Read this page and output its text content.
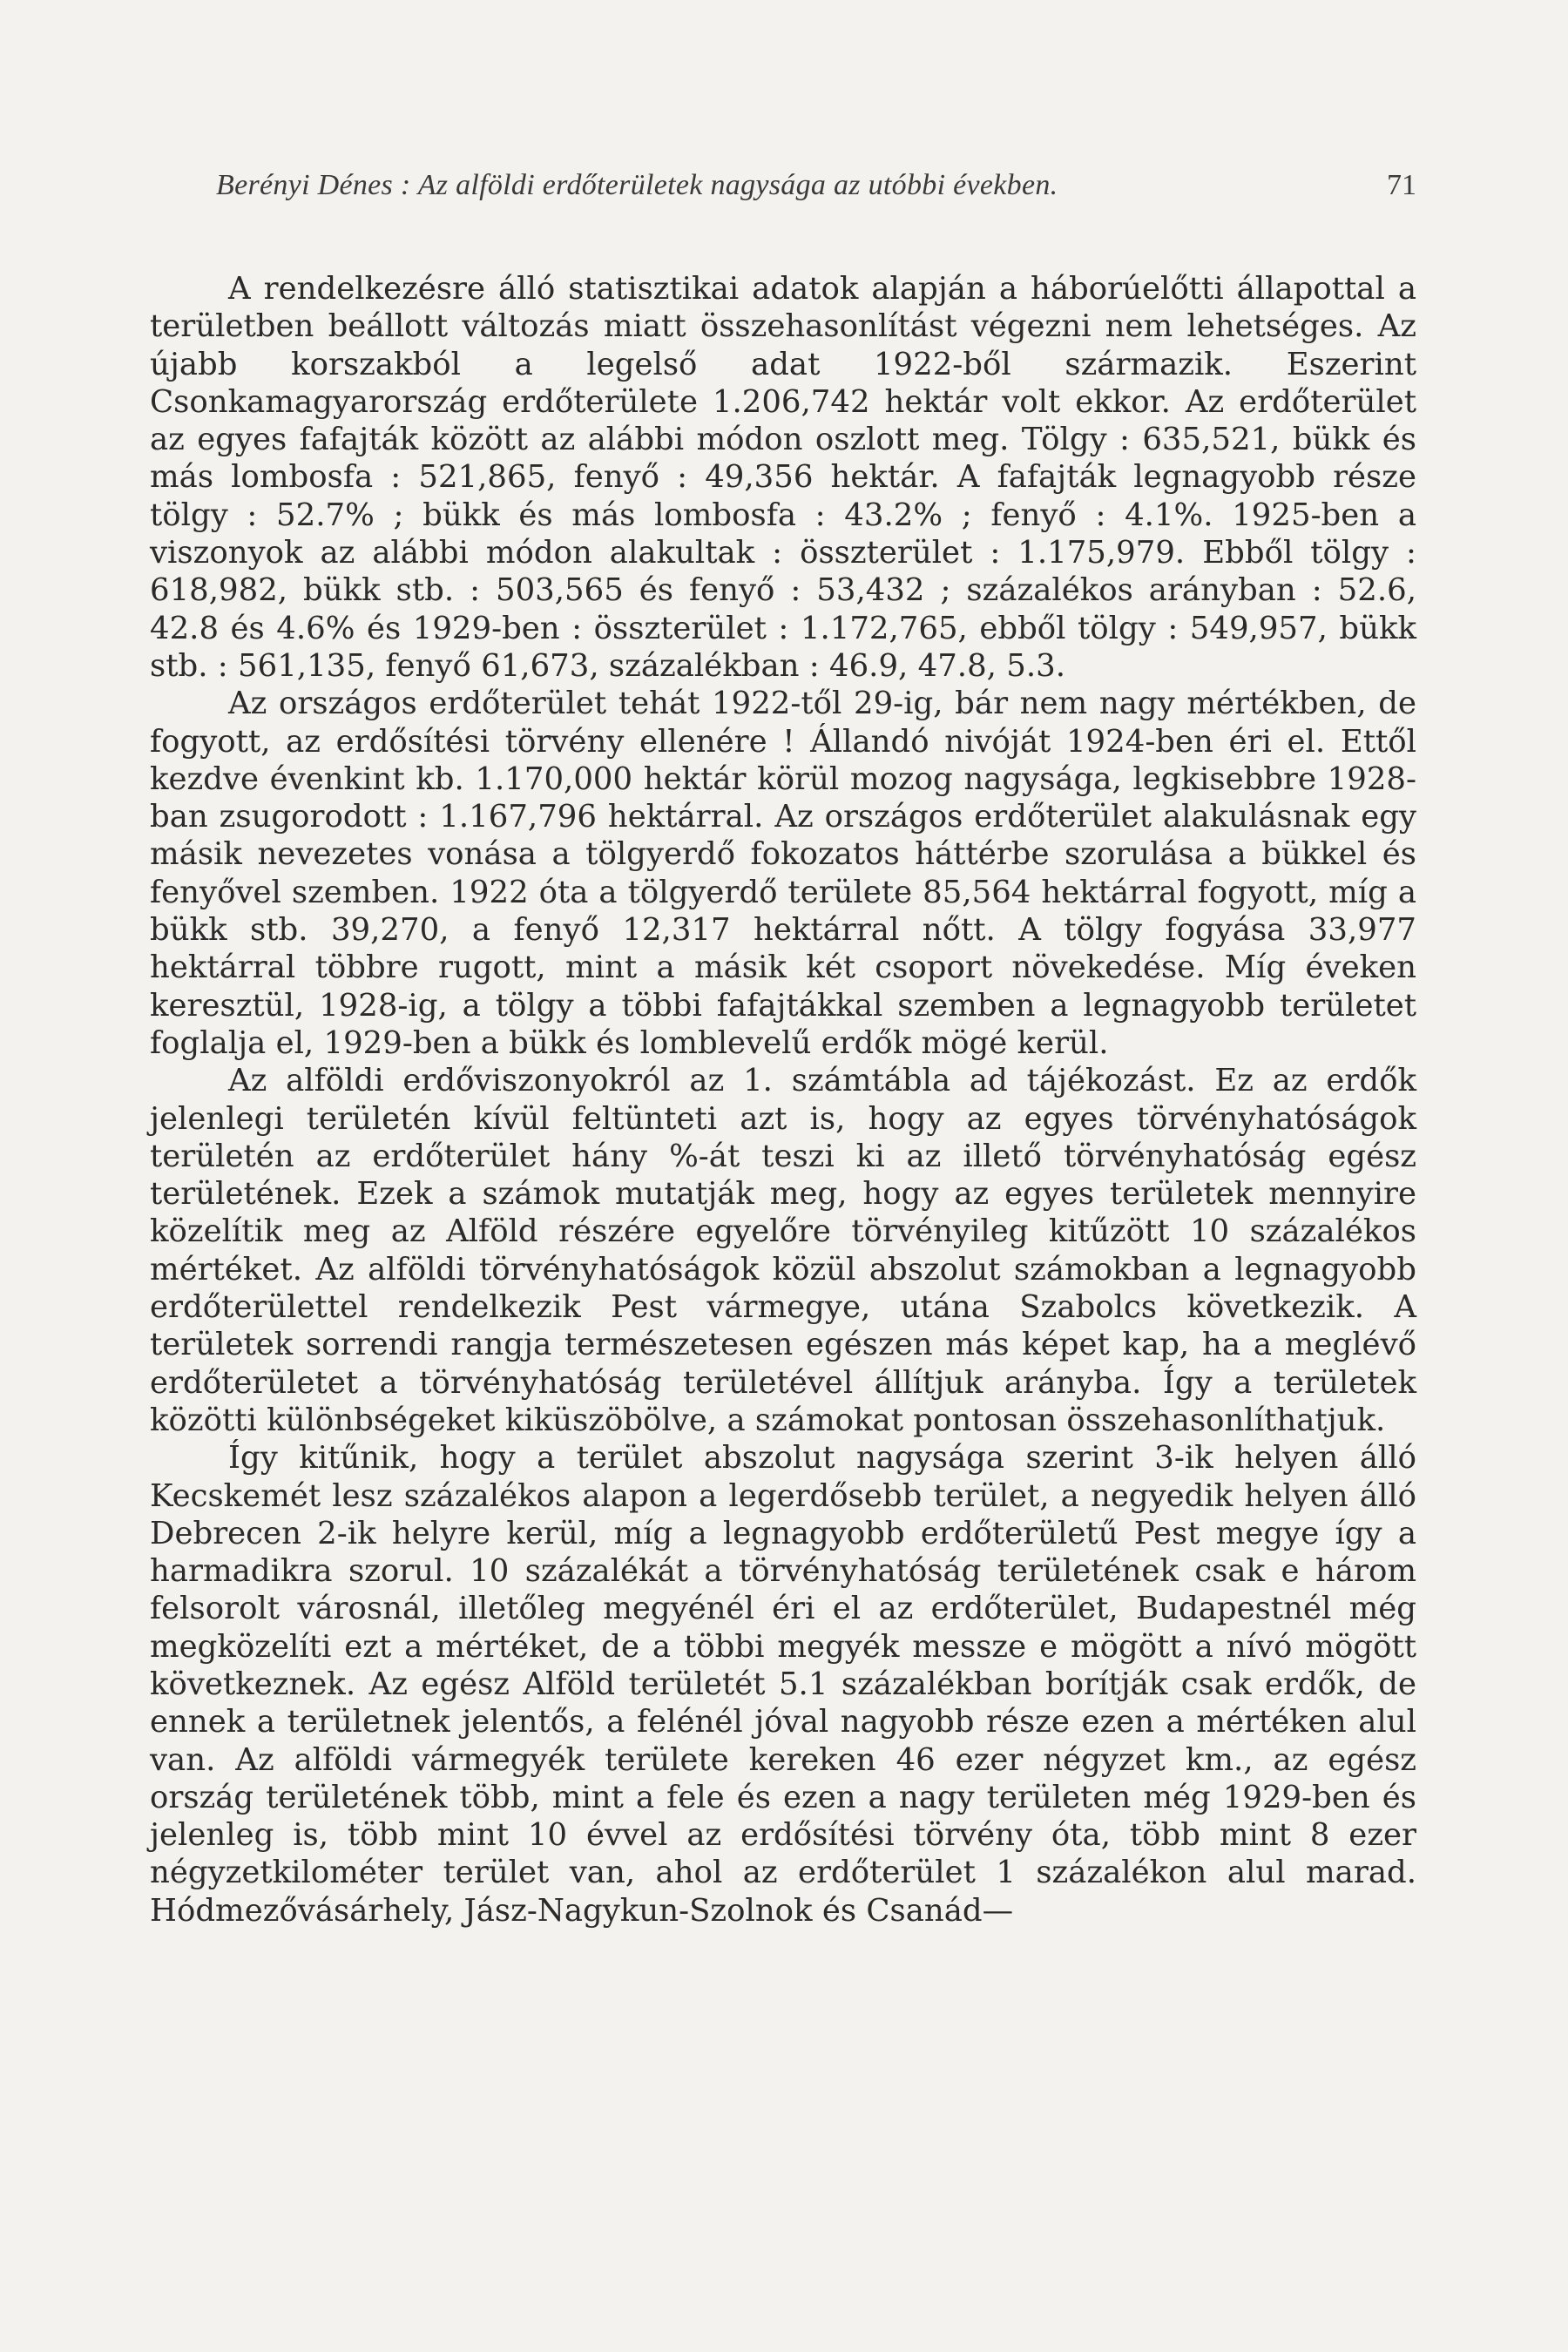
Berényi Dénes : Az alföldi erdőterületek nagysága az utóbbi években.	71

A rendelkezésre álló statisztikai adatok alapján a háborúelőtti állapottal a területben beállott változás miatt összehasonlítást végezni nem lehetséges. Az újabb korszakból a legelső adat 1922-ből származik. Eszerint Csonkamagyarország erdőterülete 1.206,742 hektár volt ekkor. Az erdőterület az egyes fafajták között az alábbi módon oszlott meg. Tölgy : 635,521, bükk és más lombosfa : 521,865, fenyő : 49,356 hektár. A fafajták legnagyobb része tölgy : 52.7% ; bükk és más lombosfa : 43.2% ; fenyő : 4.1%. 1925-ben a viszonyok az alábbi módon alakultak : összterület : 1.175,979. Ebből tölgy : 618,982, bükk stb. : 503,565 és fenyő : 53,432 ; százalékos arányban : 52.6, 42.8 és 4.6% és 1929-ben : összterület : 1.172,765, ebből tölgy : 549,957, bükk stb. : 561,135, fenyő 61,673, százalékban : 46.9, 47.8, 5.3.

Az országos erdőterület tehát 1922-től 29-ig, bár nem nagy mértékben, de fogyott, az erdősítési törvény ellenére ! Állandó nivóját 1924-ben éri el. Ettől kezdve évenkint kb. 1.170,000 hektár körül mozog nagysága, legkisebbre 1928-ban zsugorodott : 1.167,796 hektárral. Az országos erdőterület alakulásnak egy másik nevezetes vonása a tölgyerdő fokozatos háttérbe szorulása a bükkel és fenyővel szemben. 1922 óta a tölgyerdő területe 85,564 hektárral fogyott, míg a bükk stb. 39,270, a fenyő 12,317 hektárral nőtt. A tölgy fogyása 33,977 hektárral többre rugott, mint a másik két csoport növekedése. Míg éveken keresztül, 1928-ig, a tölgy a többi fafajtákkal szemben a legnagyobb területet foglalja el, 1929-ben a bükk és lomblevelű erdők mögé kerül.

Az alföldi erdőviszonyokról az 1. számtábla ad tájékozást. Ez az erdők jelenlegi területén kívül feltünteti azt is, hogy az egyes törvényhatóságok területén az erdőterület hány %-át teszi ki az illető törvényhatóság egész területének. Ezek a számok mutatják meg, hogy az egyes területek mennyire közelítik meg az Alföld részére egyelőre törvényileg kitűzött 10 százalékos mértéket. Az alföldi törvényhatóságok közül abszolut számokban a legnagyobb erdőterülettel rendelkezik Pest vármegye, utána Szabolcs következik. A területek sorrendi rangja természetesen egészen más képet kap, ha a meglévő erdőterületet a törvényhatóság területével állítjuk arányba. Így a területek közötti különbségeket kiküszöbölve, a számokat pontosan összehasonlíthatjuk.

Így kitűnik, hogy a terület abszolut nagysága szerint 3-ik helyen álló Kecskemét lesz százalékos alapon a legerdősebb terület, a negyedik helyen álló Debrecen 2-ik helyre kerül, míg a legnagyobb erdőterületű Pest megye így a harmadikra szorul. 10 százalékát a törvényhatóság területének csak e három felsorolt városnál, illetőleg megyénél éri el az erdőterület, Budapestnél még megközelíti ezt a mértéket, de a többi megyék messze e mögött a nívó mögött következnek. Az egész Alföld területét 5.1 százalékban borítják csak erdők, de ennek a területnek jelentős, a felénél jóval nagyobb része ezen a mértéken alul van. Az alföldi vármegyék területe kereken 46 ezer négyzet km., az egész ország területének több, mint a fele és ezen a nagy területen még 1929-ben és jelenleg is, több mint 10 évvel az erdősítési törvény óta, több mint 8 ezer négyzetkilométer terület van, ahol az erdőterület 1 százalékon alul marad. Hódmezővásárhely, Jász-Nagykun-Szolnok és Csanád—
